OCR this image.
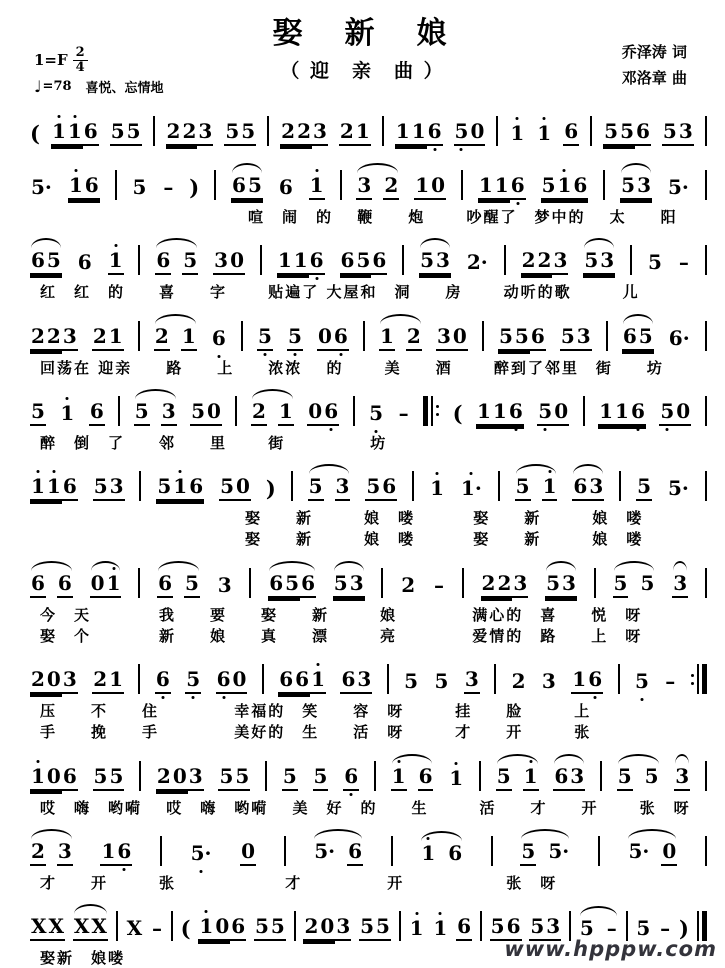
娶　新　娘
（ 迎　亲　曲 ）
乔泽涛 词
邓洛章 曲
$1=F \frac{2}{4}$
♩ =78 喜悦、忘情地
( 1 1 6 5 5 2 2 3 5 5 2 2 3 2 1 1 1 6 5 0 1 1 6 5 5 6 5 3
5· 1 6 5 – ) 6 5 6 1 3 2 1 0 1 1 6 5 1 6 5 3 5·
喧　闹　的　 鞭　　炮　　 吵醒了　梦中的　 太　　阳
6 5 6 1 6 5 3 0 1 1 6 6 5 6 5 3 2· 2 2 3 5 3 5 –
红　红　的　　喜　　字　　 贴遍了 大屋和　洞　　房　　 动听的歌　　　儿
2 2 3 2 1 2 1 6 5 5 0 6 1 2 3 0 5 5 6 5 3 6 5 6·
回荡在 迎亲　　路　　上　　浓浓　 的　　 美　　酒　　 醉到了邻里　街　　坊
5 1 6 5 3 5 0 2 1 0 6 5 – ( 1 1 6 5 0 1 1 6 5 0
醉　倒　了　　邻　　里　　 街　　　　　坊
1 1 6 5 3 5 1 6 5 0 ) 5 3 5 6 1 1· 5 1 6 3 5 5·
娶　　新　　　娘　喽　　　 娶　　新　　　娘　喽
娶　　新　　　娘　喽　　　 娶　　新　　　娘　喽
6 6 0 1 6 5 3 6 5 6 5 3 2 – 2 2 3 5 3 5 5 3
今　天　　　　我　　要　　娶　　新　　　娘　　　　 满心的　喜　　悦　呀
娶　个　　　　新　　娘　　真　　漂　　　亮　　　　 爱情的　路　　上　呀
2 0 3 2 1 6 5 6 0 6 6 1 6 3 5 5 3 2 3 1 6 5 –
压　　不　　住　　　　 幸福的　笑　　容　呀　　　挂　　脸　　　上
手　　挽　　手　　　　 美好的　生　　活　呀　　　才　　开　　　张
1 0 6 5 5 2 0 3 5 5 5 5 6 1 6 1 5 1 6 3 5 5 3
哎　嗨　哟嗬　 哎　嗨　哟嗬　 美　好　的　　生　　　活　　才　　开　　 张　呀
2 3 1 6	5· 0	5· 6	1 6	5 5·	5· 0
才　　开　　　张　　　　　　 才　　　　　开　　　　　　张　呀
X X X X X – ( 1 0 6 5 5 2 0 3 5 5 1 1 6 5 6 5 3 5 – 5 – )
娶新　娘喽	www.hpppw.com
